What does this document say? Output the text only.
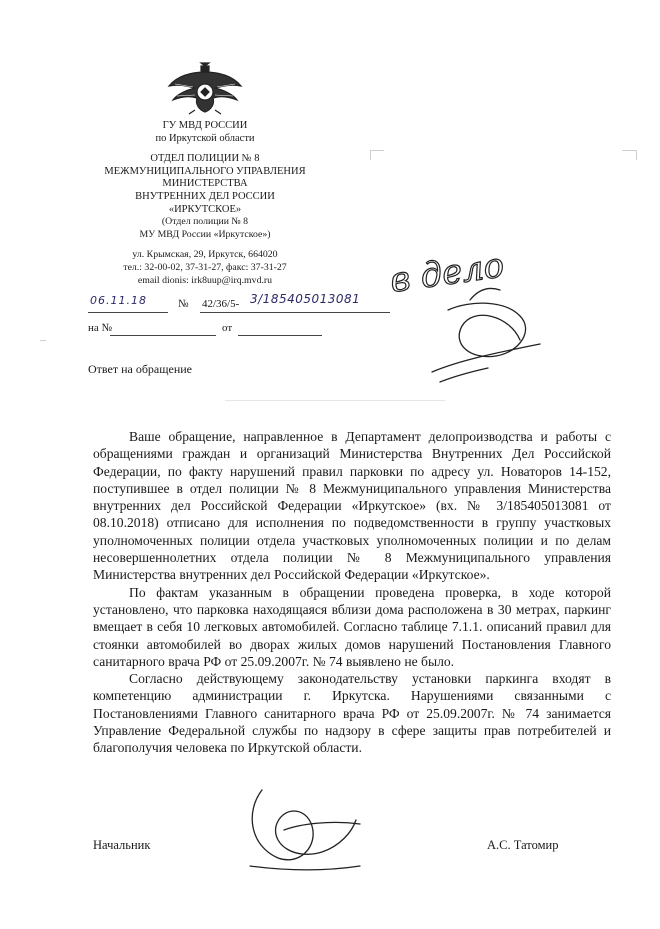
ГУ МВД РОССИИ
по Иркутской области
ОТДЕЛ ПОЛИЦИИ № 8
МЕЖМУНИЦИПАЛЬНОГО УПРАВЛЕНИЯ
МИНИСТЕРСТВА
ВНУТРЕННИХ ДЕЛ РОССИИ
«ИРКУТСКОЕ»
(Отдел полиции № 8
МУ МВД России «Иркутское»)
ул. Крымская, 29, Иркутск, 664020
тел.: 32-00-02, 37-31-27, факс: 37-31-27
email dionis: irk8uup@irq.mvd.ru
06.11.18	№ 42/36/5- 3/185405013081
на №	от
Ответ на обращение

Ваше обращение, направленное в Департамент делопроизводства и работы с обращениями граждан и организаций Министерства Внутренних Дел Российской Федерации, по факту нарушений правил парковки по адресу ул. Новаторов 14-152, поступившее в отдел полиции № 8 Межмуниципального управления Министерства внутренних дел Российской Федерации «Иркутское» (вх. № 3/185405013081 от 08.10.2018) отписано для исполнения по подведомственности в группу участковых уполномоченных полиции отдела участковых уполномоченных полиции и по делам несовершеннолетних отдела полиции № 8 Межмуниципального управления Министерства внутренних дел Российской Федерации «Иркутское».

По фактам указанным в обращении проведена проверка, в ходе которой установлено, что парковка находящаяся вблизи дома расположена в 30 метрах, паркинг вмещает в себя 10 легковых автомобилей. Согласно таблице 7.1.1. описаний правил для стоянки автомобилей во дворах жилых домов нарушений Постановления Главного санитарного врача РФ от 25.09.2007г. № 74 выявлено не было.

Согласно действующему законодательству установки паркинга входят в компетенцию администрации г. Иркутска. Нарушениями связанными с Постановлениями Главного санитарного врача РФ от 25.09.2007г. № 74 занимается Управление Федеральной службы по надзору в сфере защиты прав потребителей и благополучия человека по Иркутской области.

Начальник	А.С. Татомир
в дело
